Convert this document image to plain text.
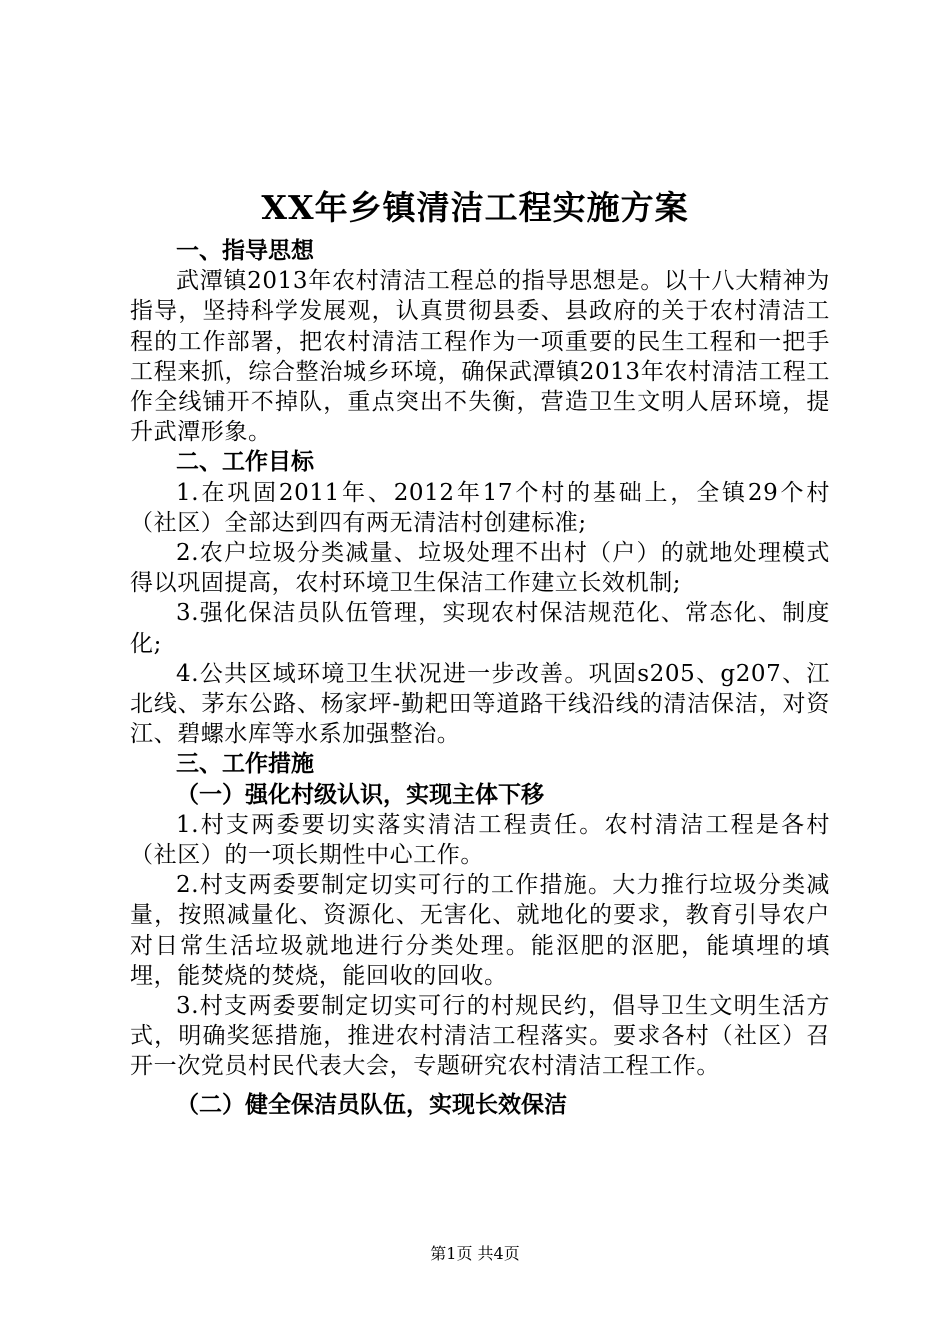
XX年乡镇清洁工程实施方案

一、指导思想

武潭镇2013年农村清洁工程总的指导思想是。以十八大精神为指导，坚持科学发展观，认真贯彻县委、县政府的关于农村清洁工程的工作部署，把农村清洁工程作为一项重要的民生工程和一把手工程来抓，综合整治城乡环境，确保武潭镇2013年农村清洁工程工作全线铺开不掉队，重点突出不失衡，营造卫生文明人居环境，提升武潭形象。

二、工作目标

1.在巩固2011年、2012年17个村的基础上，全镇29个村（社区）全部达到四有两无清洁村创建标准;

2.农户垃圾分类减量、垃圾处理不出村（户）的就地处理模式得以巩固提高，农村环境卫生保洁工作建立长效机制;

3.强化保洁员队伍管理，实现农村保洁规范化、常态化、制度化;

4.公共区域环境卫生状况进一步改善。巩固s205、g207、江北线、茅东公路、杨家坪-勤耙田等道路干线沿线的清洁保洁，对资江、碧螺水库等水系加强整治。

三、工作措施

（一）强化村级认识，实现主体下移

1.村支两委要切实落实清洁工程责任。农村清洁工程是各村（社区）的一项长期性中心工作。

2.村支两委要制定切实可行的工作措施。大力推行垃圾分类减量，按照减量化、资源化、无害化、就地化的要求，教育引导农户对日常生活垃圾就地进行分类处理。能沤肥的沤肥，能填埋的填埋，能焚烧的焚烧，能回收的回收。

3.村支两委要制定切实可行的村规民约，倡导卫生文明生活方式，明确奖惩措施，推进农村清洁工程落实。要求各村（社区）召开一次党员村民代表大会，专题研究农村清洁工程工作。

（二）健全保洁员队伍，实现长效保洁

第1页 共4页
